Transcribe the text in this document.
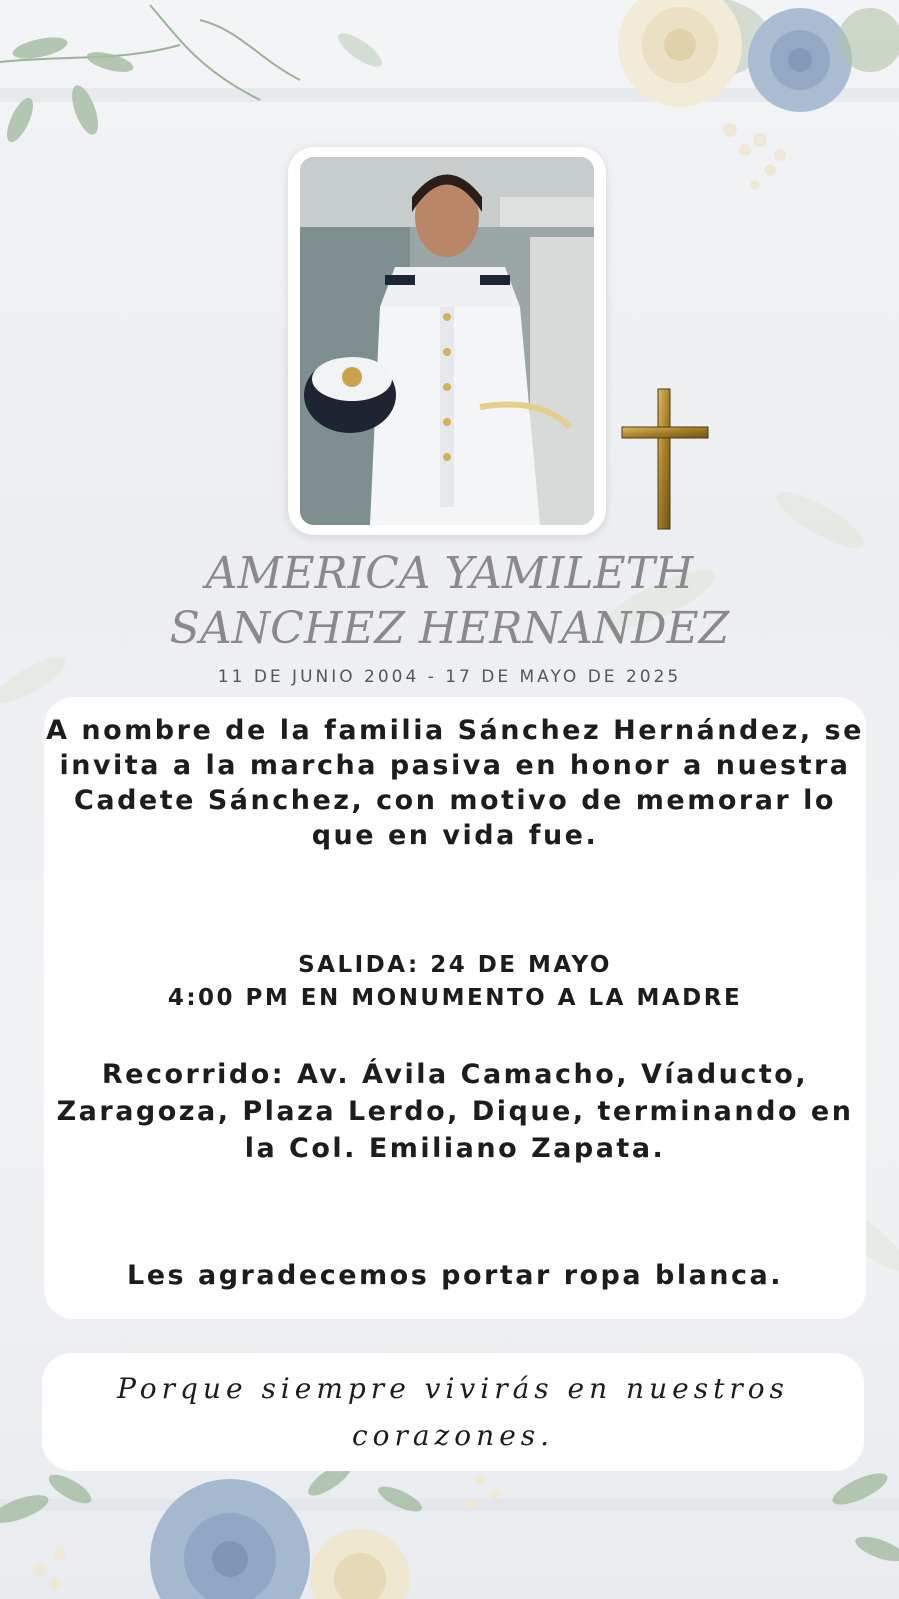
AMERICA YAMILETH
SANCHEZ HERNANDEZ
11 DE JUNIO 2004 - 17 DE MAYO DE 2025

A nombre de la familia Sánchez Hernández, se invita a la marcha pasiva en honor a nuestra Cadete Sánchez, con motivo de memorar lo que en vida fue.

SALIDA: 24 DE MAYO

4:00 PM EN MONUMENTO A LA MADRE

Recorrido: Av. Ávila Camacho, Víaducto, Zaragoza, Plaza Lerdo, Dique, terminando en la Col. Emiliano Zapata.

Les agradecemos portar ropa blanca.

Porque siempre vivirás en nuestros corazones.
